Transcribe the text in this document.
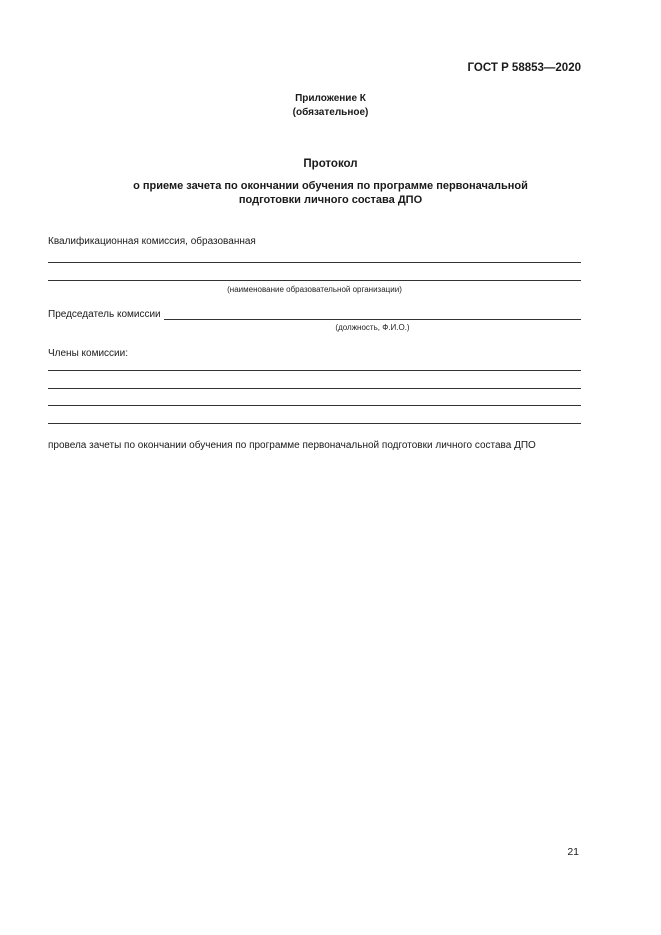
ГОСТ Р 58853—2020
Приложение К
(обязательное)
Протокол
о приеме зачета по окончании обучения по программе первоначальной
подготовки личного состава ДПО
Квалификационная комиссия, образованная
(наименование образовательной организации)
Председатель комиссии
(должность, Ф.И.О.)
Члены комиссии:
провела зачеты по окончании обучения по программе первоначальной подготовки личного состава ДПО
21
